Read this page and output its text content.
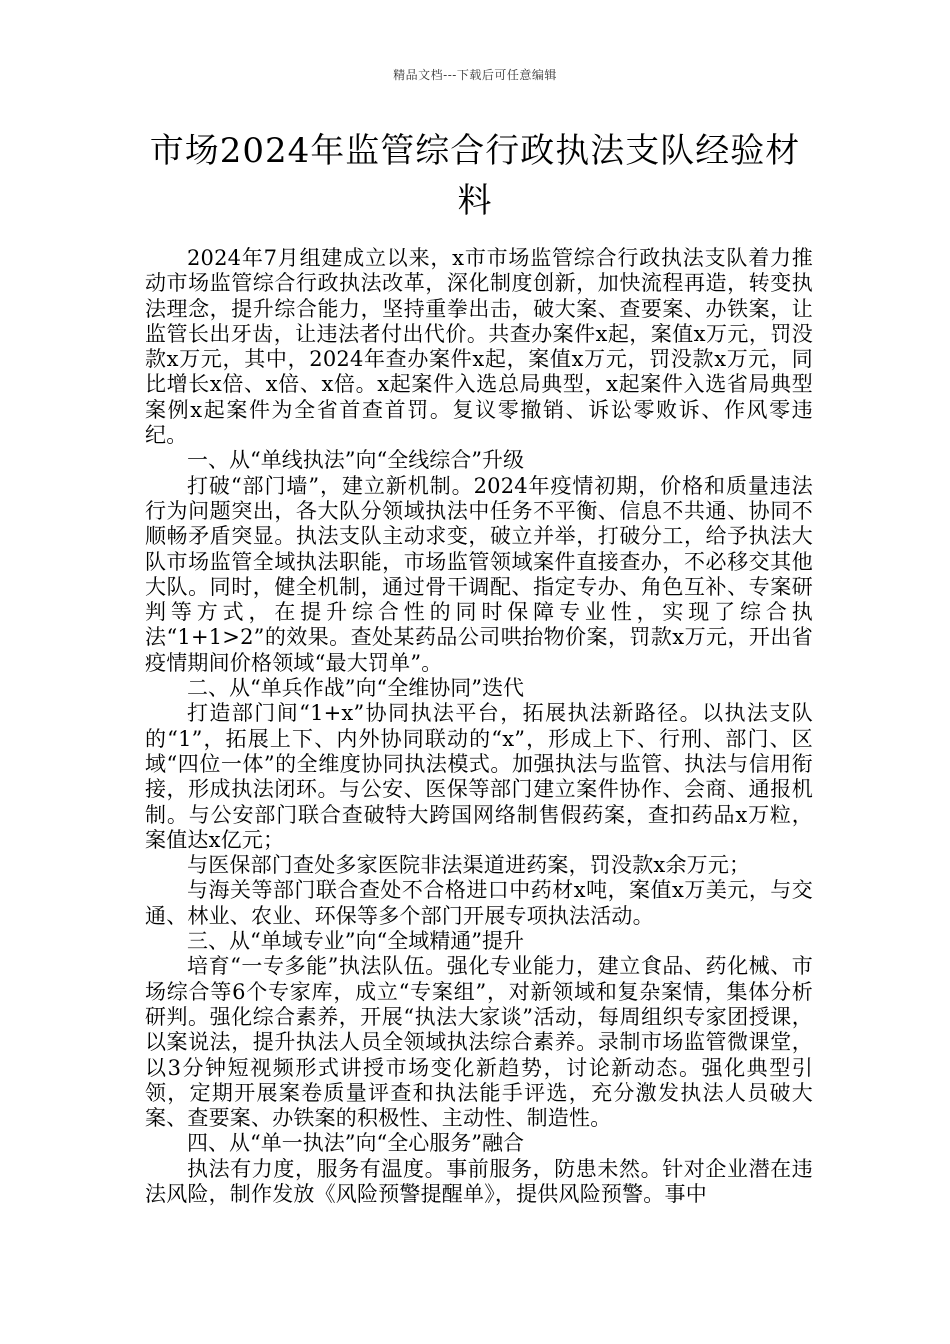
精品文档---下载后可任意编辑
市场2024年监管综合行政执法支队经验材料

2024年7月组建成立以来，x市市场监管综合行政执法支队着力推动市场监管综合行政执法改革，深化制度创新，加快流程再造，转变执法理念，提升综合能力，坚持重拳出击，破大案、查要案、办铁案，让监管长出牙齿，让违法者付出代价。共查办案件x起，案值x万元，罚没款x万元，其中，2024年查办案件x起，案值x万元，罚没款x万元，同比增长x倍、x倍、x倍。x起案件入选总局典型，x起案件入选省局典型案例x起案件为全省首查首罚。复议零撤销、诉讼零败诉、作风零违纪。

一、从“单线执法”向“全线综合”升级

打破“部门墙”，建立新机制。2024年疫情初期，价格和质量违法行为问题突出，各大队分领域执法中任务不平衡、信息不共通、协同不顺畅矛盾突显。执法支队主动求变，破立并举，打破分工，给予执法大队市场监管全域执法职能，市场监管领域案件直接查办，不必移交其他大队。同时，健全机制，通过骨干调配、指定专办、角色互补、专案研判等方式，在提升综合性的同时保障专业性，实现了综合执法“1+1>2”的效果。查处某药品公司哄抬物价案，罚款x万元，开出省疫情期间价格领域“最大罚单”。

二、从“单兵作战”向“全维协同”迭代

打造部门间“1+x”协同执法平台，拓展执法新路径。以执法支队的“1”，拓展上下、内外协同联动的“x”，形成上下、行刑、部门、区域“四位一体”的全维度协同执法模式。加强执法与监管、执法与信用衔接，形成执法闭环。与公安、医保等部门建立案件协作、会商、通报机制。与公安部门联合查破特大跨国网络制售假药案，查扣药品x万粒，案值达x亿元；

与医保部门查处多家医院非法渠道进药案，罚没款x余万元；

与海关等部门联合查处不合格进口中药材x吨，案值x万美元，与交通、林业、农业、环保等多个部门开展专项执法活动。

三、从“单域专业”向“全域精通”提升

培育“一专多能”执法队伍。强化专业能力，建立食品、药化械、市场综合等6个专家库，成立“专案组”，对新领域和复杂案情，集体分析研判。强化综合素养，开展“执法大家谈”活动，每周组织专家团授课，以案说法，提升执法人员全领域执法综合素养。录制市场监管微课堂，以3分钟短视频形式讲授市场变化新趋势，讨论新动态。强化典型引领，定期开展案卷质量评查和执法能手评选，充分激发执法人员破大案、查要案、办铁案的积极性、主动性、制造性。

四、从“单一执法”向“全心服务”融合

执法有力度，服务有温度。事前服务，防患未然。针对企业潜在违法风险，制作发放《风险预警提醒单》，提供风险预警。事中
